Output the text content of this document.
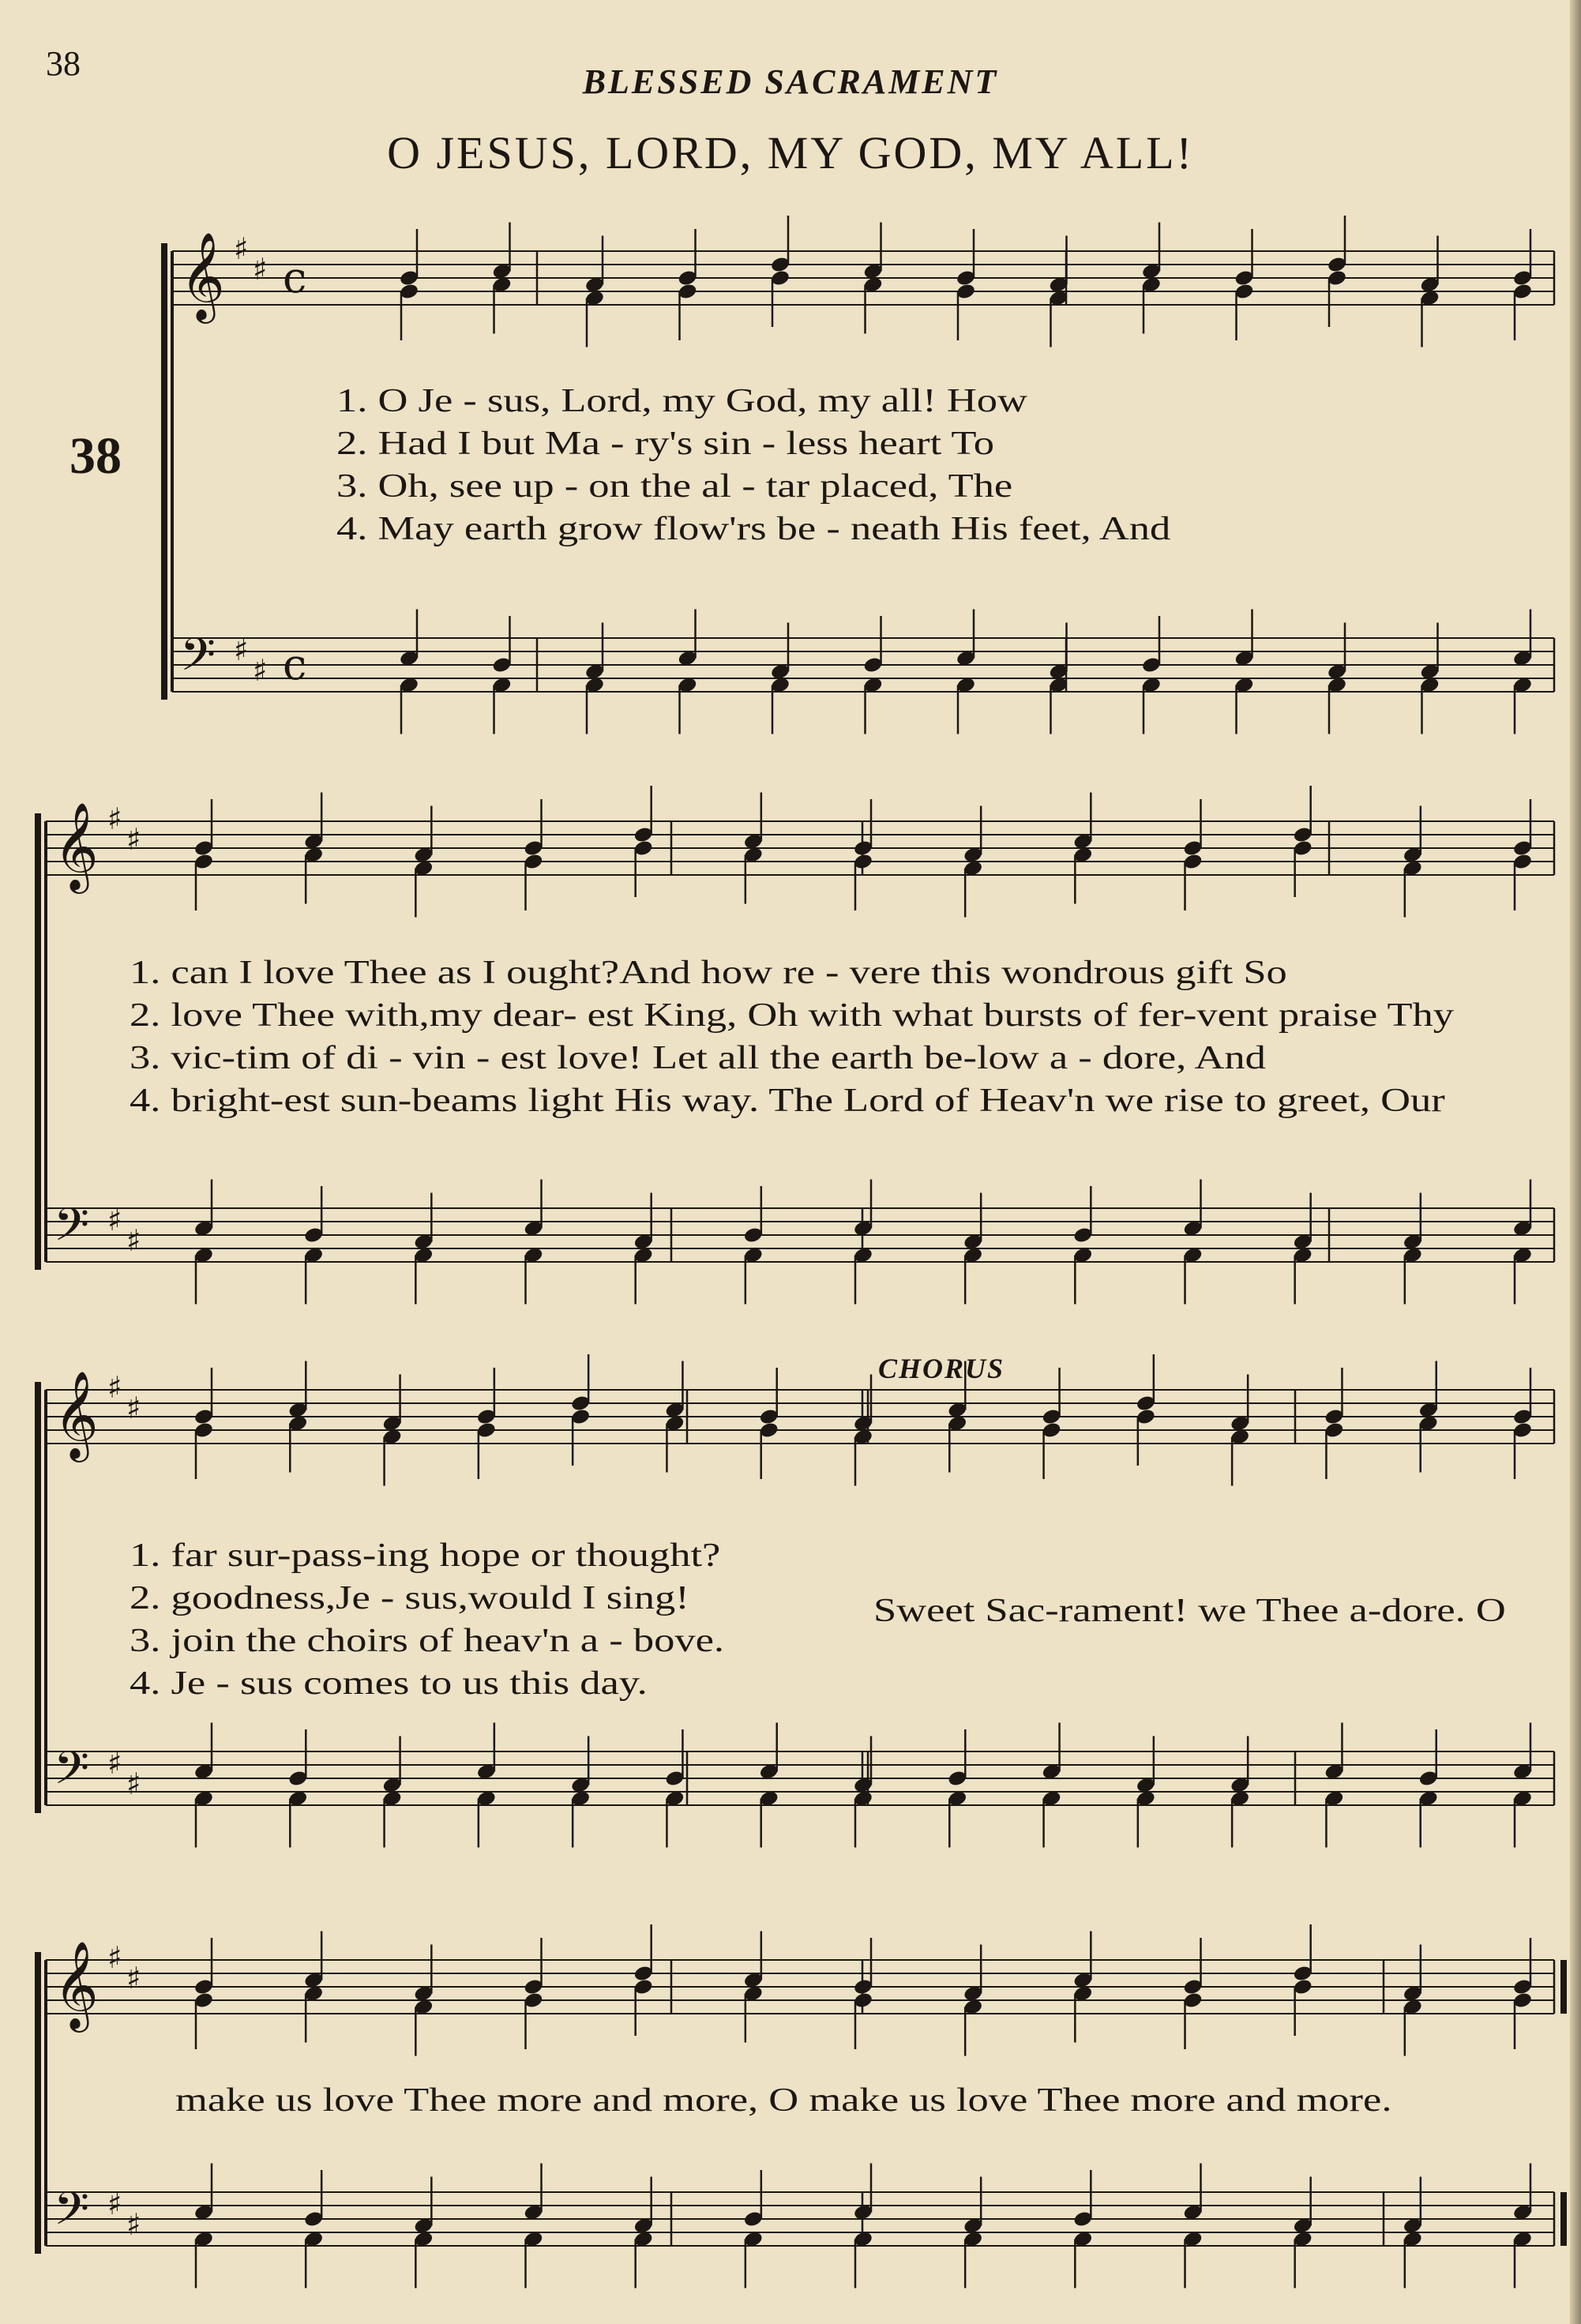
38	BLESSED SACRAMENT
O JESUS, LORD, MY GOD, MY ALL!
38
CHORUS
𝄞 ♯
♯ c
𝄢 ♯
♯ c
𝄞 ♯
♯
𝄢 ♯
♯
𝄞 ♯
♯
𝄢 ♯
♯
𝄞 ♯
♯
𝄢 ♯
♯
1. O Je - sus, Lord, my God, my all! How
2. Had I but Ma - ry's sin - less heart To
3. Oh, see up - on the al - tar placed, The
4. May earth grow flow'rs be - neath His feet, And
1. can I love Thee as I ought?And how re - vere this wondrous gift So
2. love Thee with,my dear- est King, Oh with what bursts of fer-vent praise Thy
3. vic-tim of di - vin - est love! Let all the earth be-low a - dore, And
4. bright-est sun-beams light His way. The Lord of Heav'n we rise to greet, Our
1. far sur-pass-ing hope or thought?
2. goodness,Je - sus,would I sing!
3. join the choirs of heav'n a - bove.
4. Je - sus comes to us this day.
Sweet Sac-rament! we Thee a-dore. O
make us love Thee more and more, O make us love Thee more and more.
